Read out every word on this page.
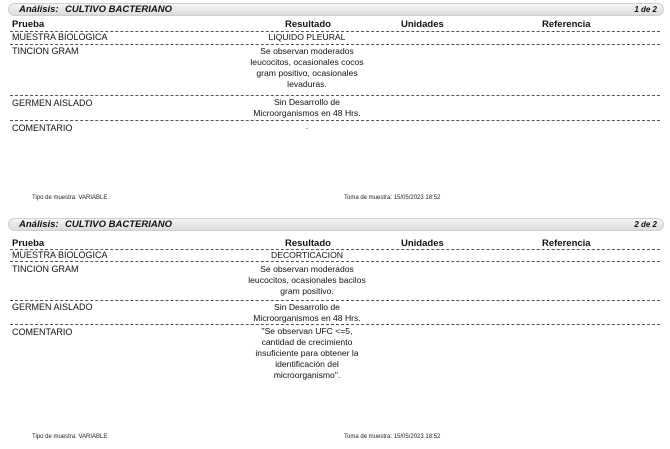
Análisis: CULTIVO BACTERIANO	1 de 2
Prueba	Resultado	Unidades	Referencia
MUESTRA BIOLOGICA	LIQUIDO PLEURAL
TINCION GRAM	Se observan moderados leucocitos, ocasionales cocos gram positivo, ocasionales levaduras.
GERMEN AISLADO	Sin Desarrollo de Microorganismos en 48 Hrs.
COMENTARIO	.
Tipo de muestra: VARIABLE	Toma de muestra: 15/05/2023 18:52
Análisis: CULTIVO BACTERIANO	2 de 2
Prueba	Resultado	Unidades	Referencia
MUESTRA BIOLOGICA	DECORTICACION
TINCION GRAM	Se observan moderados leucocitos, ocasionales bacilos gram positivo.
GERMEN AISLADO	Sin Desarrollo de Microorganismos en 48 Hrs.
COMENTARIO	"Se observan UFC <=5, cantidad de crecimiento insuficiente para obtener la identificación del microorganismo".
Tipo de muestra: VARIABLE	Toma de muestra: 15/05/2023 18:52
